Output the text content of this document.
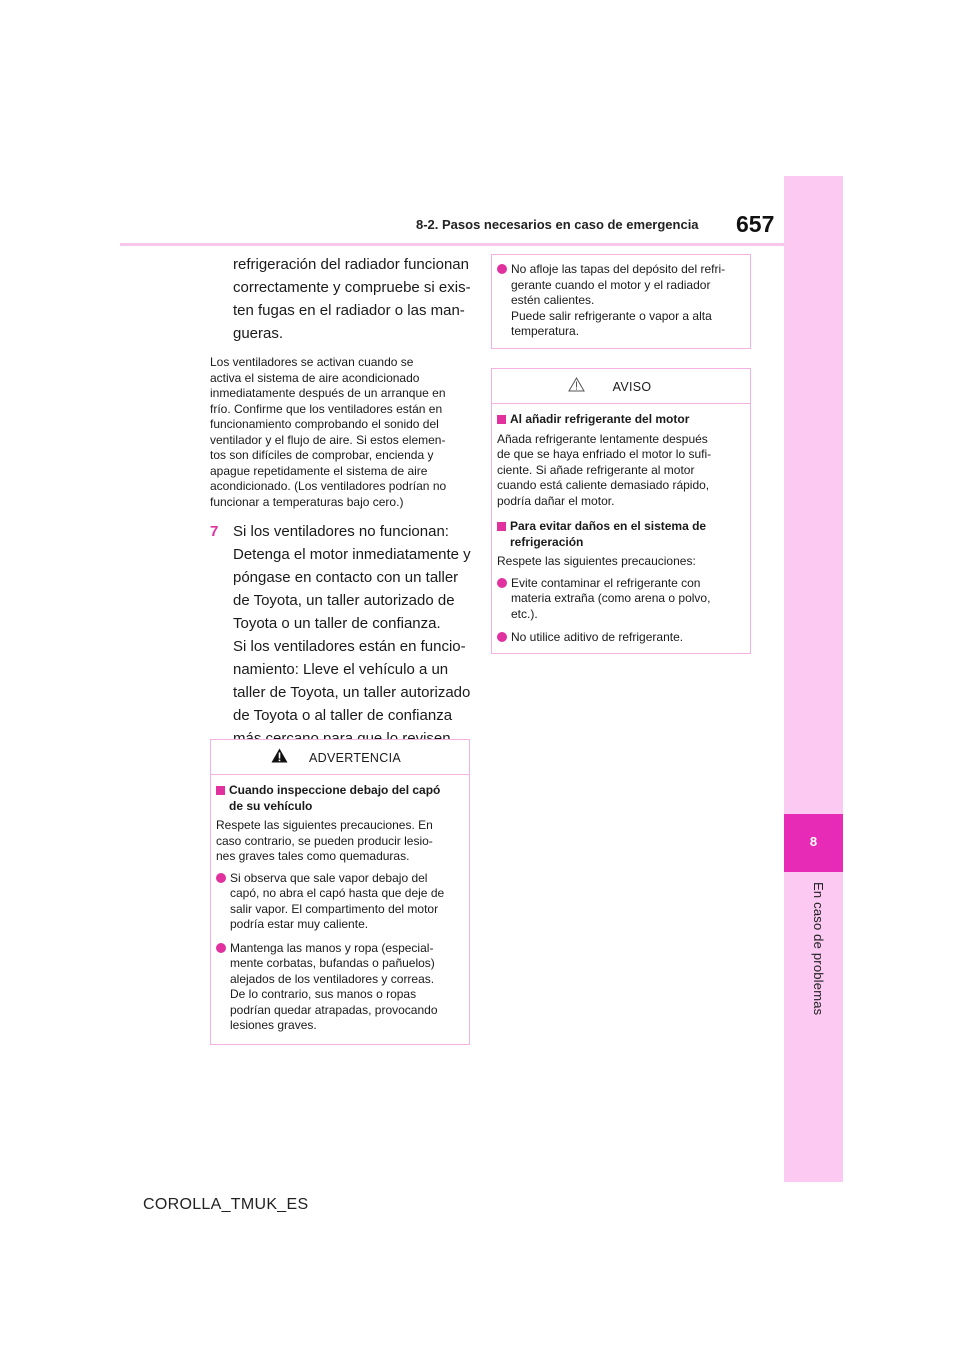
8-2. Pasos necesarios en caso de emergencia 657
8
En caso de problemas

refrigeración del radiador funcionan

correctamente y compruebe si exis-

ten fugas en el radiador o las man-

gueras.

Los ventiladores se activan cuando se
activa el sistema de aire acondicionado
inmediatamente después de un arranque en
frío. Confirme que los ventiladores están en
funcionamiento comprobando el sonido del
ventilador y el flujo de aire. Si estos elemen-
tos son difíciles de comprobar, encienda y
apague repetidamente el sistema de aire
acondicionado. (Los ventiladores podrían no
funcionar a temperaturas bajo cero.)

7 Si los ventiladores no funcionan:

Detenga el motor inmediatamente y

póngase en contacto con un taller

de Toyota, un taller autorizado de

Toyota o un taller de confianza.

Si los ventiladores están en funcio-

namiento: Lleve el vehículo a un

taller de Toyota, un taller autorizado

de Toyota o al taller de confianza

ADVERTENCIA
Cuando inspeccione debajo del capó
de su vehículo

Respete las siguientes precauciones. En
caso contrario, se pueden producir lesio-
nes graves tales como quemaduras.

Si observa que sale vapor debajo del
capó, no abra el capó hasta que deje de
salir vapor. El compartimento del motor
podría estar muy caliente.
Mantenga las manos y ropa (especial-
mente corbatas, bufandas o pañuelos)
alejados de los ventiladores y correas.
De lo contrario, sus manos o ropas
podrían quedar atrapadas, provocando
lesiones graves.
No afloje las tapas del depósito del refri-
gerante cuando el motor y el radiador
estén calientes.
Puede salir refrigerante o vapor a alta
temperatura.
AVISO
Al añadir refrigerante del motor

Añada refrigerante lentamente después
de que se haya enfriado el motor lo sufi-
ciente. Si añade refrigerante al motor
cuando está caliente demasiado rápido,
podría dañar el motor.

Para evitar daños en el sistema de
refrigeración

Respete las siguientes precauciones:

Evite contaminar el refrigerante con
materia extraña (como arena o polvo,
etc.).
No utilice aditivo de refrigerante.
COROLLA_TMUK_ES
